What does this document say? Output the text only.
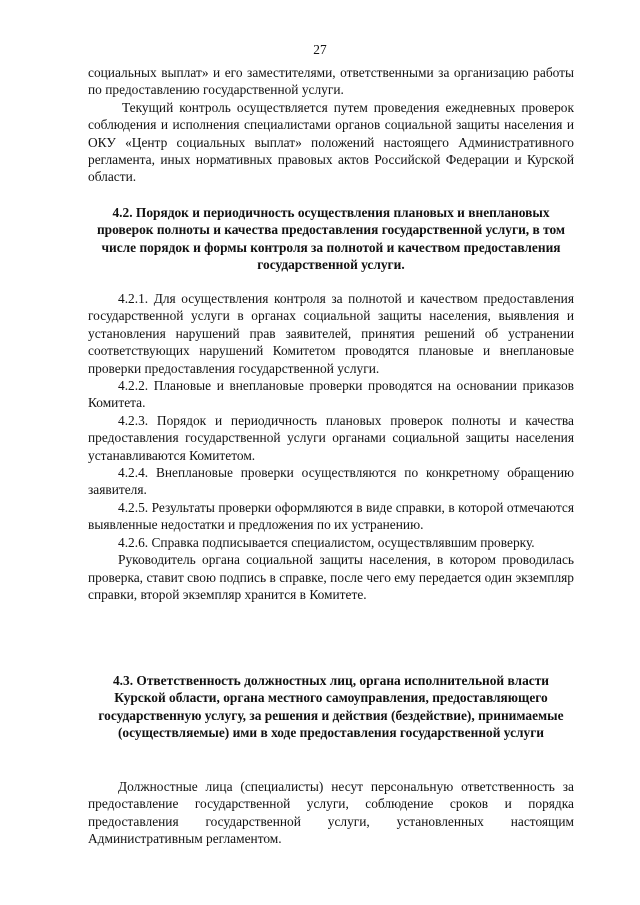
27

социальных выплат» и его заместителями, ответственными за организацию работы по предоставлению государственной услуги.

Текущий контроль осуществляется путем проведения ежедневных проверок соблюдения и исполнения специалистами органов социальной защиты населения и ОКУ «Центр социальных выплат» положений настоящего Административного регламента, иных нормативных правовых актов Российской Федерации и Курской области.

4.2. Порядок и периодичность осуществления плановых и внеплановых проверок полноты и качества предоставления государственной услуги, в том числе порядок и формы контроля за полнотой и качеством предоставления государственной услуги.

4.2.1. Для осуществления контроля за полнотой и качеством предоставления государственной услуги в органах социальной защиты населения, выявления и установления нарушений прав заявителей, принятия решений об устранении соответствующих нарушений Комитетом проводятся плановые и внеплановые проверки предоставления государственной услуги.

4.2.2. Плановые и внеплановые проверки проводятся на основании приказов Комитета.

4.2.3. Порядок и периодичность плановых проверок полноты и качества предоставления государственной услуги органами социальной защиты населения устанавливаются Комитетом.

4.2.4. Внеплановые проверки осуществляются по конкретному обращению заявителя.

4.2.5. Результаты проверки оформляются в виде справки, в которой отмечаются выявленные недостатки и предложения по их устранению.

4.2.6. Справка подписывается специалистом, осуществлявшим проверку.

Руководитель органа социальной защиты населения, в котором проводилась проверка, ставит свою подпись в справке, после чего ему передается один экземпляр справки, второй экземпляр хранится в Комитете.

4.3. Ответственность должностных лиц, органа исполнительной власти Курской области, органа местного самоуправления, предоставляющего государственную услугу, за решения и действия (бездействие), принимаемые (осуществляемые) ими в ходе предоставления государственной услуги

Должностные лица (специалисты) несут персональную ответственность за предоставление государственной услуги, соблюдение сроков и порядка предоставления государственной услуги, установленных настоящим Административным регламентом.
